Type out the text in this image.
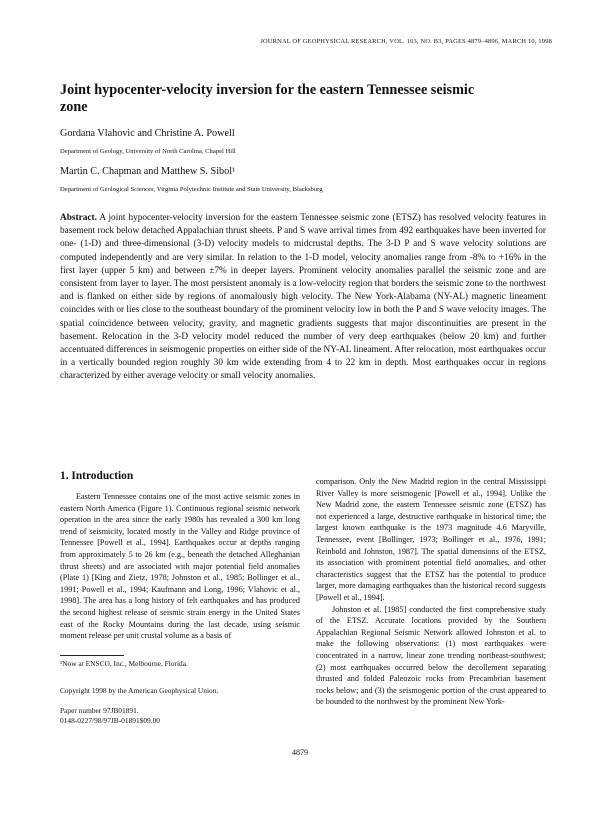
JOURNAL OF GEOPHYSICAL RESEARCH, VOL. 103, NO. B3, PAGES 4879–4896, MARCH 10, 1998
Joint hypocenter-velocity inversion for the eastern Tennessee seismic zone
Gordana Vlahovic and Christine A. Powell
Department of Geology, University of North Carolina, Chapel Hill
Martin C. Chapman and Matthew S. Sibol¹
Department of Geological Sciences, Virginia Polytechnic Institute and State University, Blacksburg

Abstract. A joint hypocenter-velocity inversion for the eastern Tennessee seismic zone (ETSZ) has resolved velocity features in basement rock below detached Appalachian thrust sheets. P and S wave arrival times from 492 earthquakes have been inverted for one- (1-D) and three-dimensional (3-D) velocity models to midcrustal depths. The 3-D P and S wave velocity solutions are computed independently and are very similar. In relation to the 1-D model, velocity anomalies range from -8% to +16% in the first layer (upper 5 km) and between ±7% in deeper layers. Prominent velocity anomalies parallel the seismic zone and are consistent from layer to layer. The most persistent anomaly is a low-velocity region that borders the seismic zone to the northwest and is flanked on either side by regions of anomalously high velocity. The New York-Alabama (NY-AL) magnetic lineament coincides with or lies close to the southeast boundary of the prominent velocity low in both the P and S wave velocity images. The spatial coincidence between velocity, gravity, and magnetic gradients suggests that major discontinuities are present in the basement. Relocation in the 3-D velocity model reduced the number of very deep earthquakes (below 20 km) and further accentuated differences in seismogenic properties on either side of the NY-AL lineament. After relocation, most earthquakes occur in a vertically bounded region roughly 30 km wide extending from 4 to 22 km in depth. Most earthquakes occur in regions characterized by either average velocity or small velocity anomalies.

1. Introduction

Eastern Tennessee contains one of the most active seismic zones in eastern North America (Figure 1). Continuous regional seismic network operation in the area since the early 1980s has revealed a 300 km long trend of seismicity, located mostly in the Valley and Ridge province of Tennessee [Powell et al., 1994]. Earthquakes occur at depths ranging from approximately 5 to 26 km (e.g., beneath the detached Alleghanian thrust sheets) and are associated with major potential field anomalies (Plate 1) [King and Zietz, 1978; Johnston et al., 1985; Bollinger et al., 1991; Powell et al., 1994; Kaufmann and Long, 1996; Vlahovic et al., 1998]. The area has a long history of felt earthquakes and has produced the second highest release of seismic strain energy in the United States east of the Rocky Mountains during the last decade, using seismic moment release per unit crustal volume as a basis of

comparison. Only the New Madrid region in the central Mississippi River Valley is more seismogenic [Powell et al., 1994]. Unlike the New Madrid zone, the eastern Tennessee seismic zone (ETSZ) has not experienced a large, destructive earthquake in historical time; the largest known earthquake is the 1973 magnitude 4.6 Maryville, Tennessee, event [Bollinger, 1973; Bollinger et al., 1976, 1991; Reinbold and Johnston, 1987]. The spatial dimensions of the ETSZ, its association with prominent potential field anomalies, and other characteristics suggest that the ETSZ has the potential to produce larger, more damaging earthquakes than the historical record suggests [Powell et al., 1994].

Johnston et al. [1985] conducted the first comprehensive study of the ETSZ. Accurate locations provided by the Southern Appalachian Regional Seismic Network allowed Johnston et al. to make the following observations: (1) most earthquakes were concentrated in a narrow, linear zone trending northeast-southwest; (2) most earthquakes occurred below the decollement separating thrusted and folded Paleozoic rocks from Precambrian basement rocks below; and (3) the seismogenic portion of the crust appeared to be bounded to the northwest by the prominent New York-

¹Now at ENSCO, Inc., Melbourne, Florida.
Copyright 1998 by the American Geophysical Union.
Paper number 97JB01891.
0148-0227/98/97JB-01891$09.00
4879
